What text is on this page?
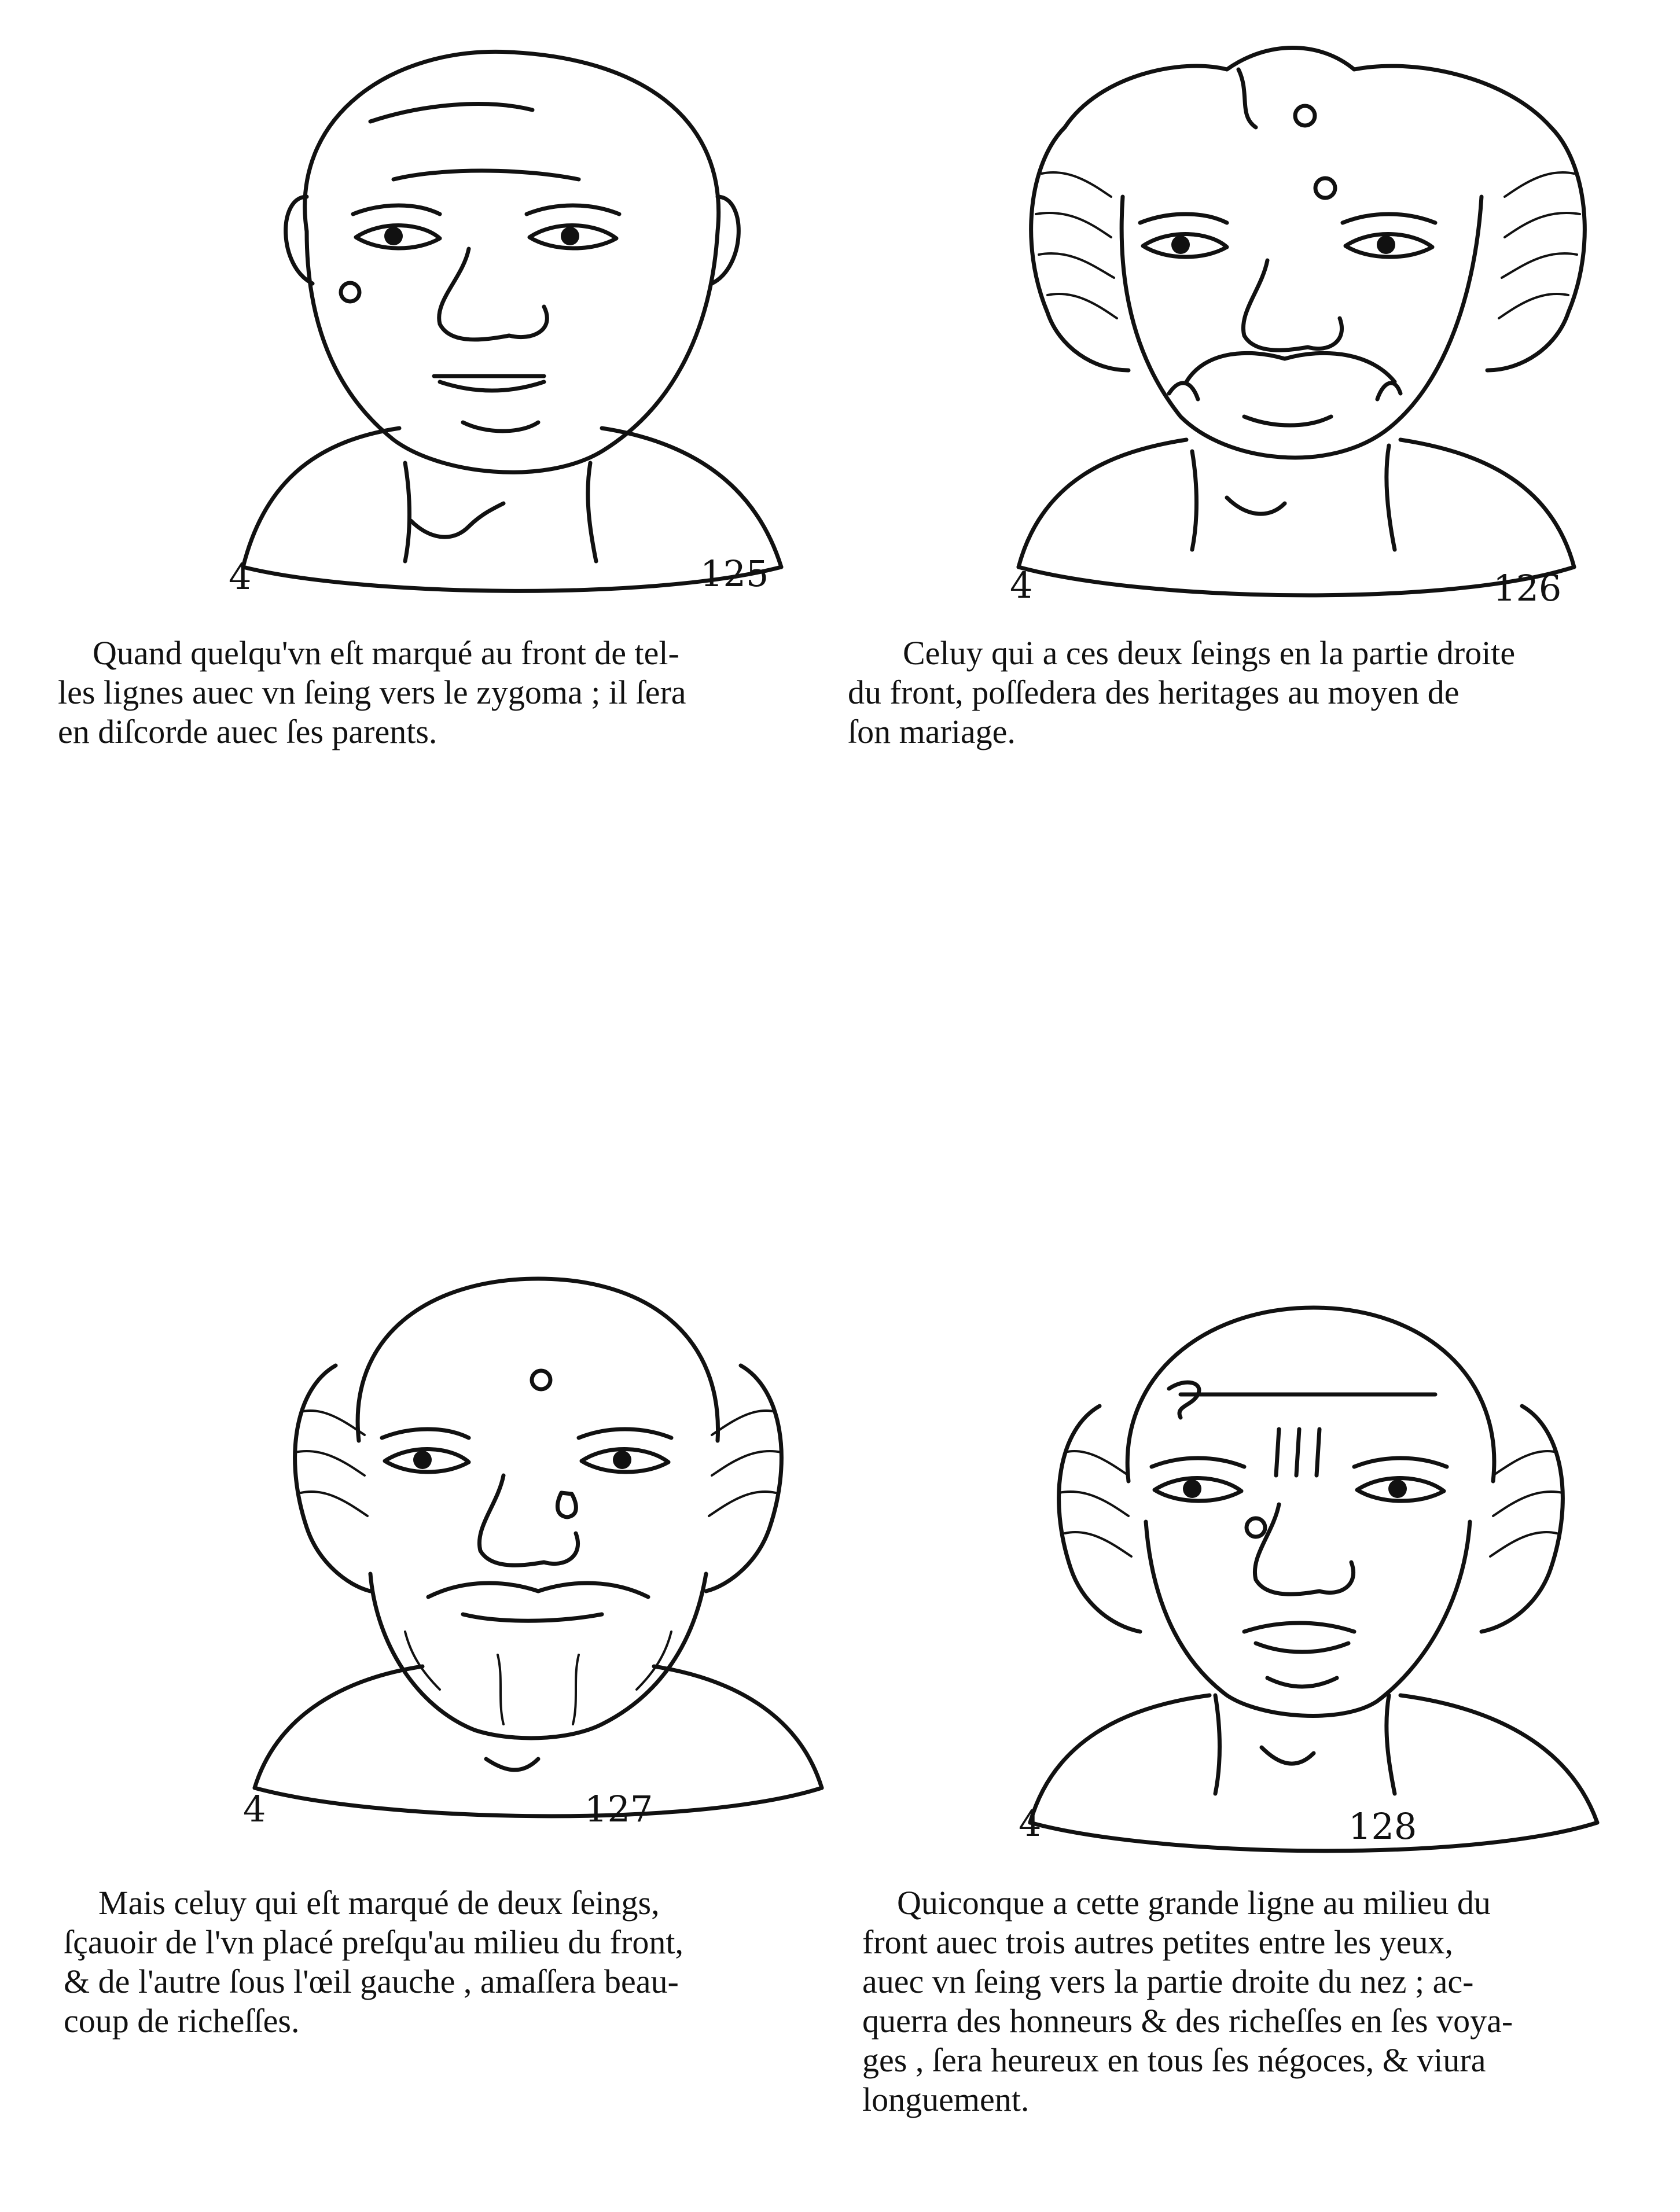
4	125	4	126
4	127	4	128
Quand quelqu'vn eſt marqué au front de tel-
les lignes auec vn ſeing vers le zygoma ; il ſera
en diſcorde auec ſes parents.
Celuy qui a ces deux ſeings en la partie droite
du front, poſſedera des heritages au moyen de
ſon mariage.
Mais celuy qui eſt marqué de deux ſeings,
ſçauoir de l'vn placé preſqu'au milieu du front,
& de l'autre ſous l'œil gauche , amaſſera beau-
coup de richeſſes.
Quiconque a cette grande ligne au milieu du
front auec trois autres petites entre les yeux,
auec vn ſeing vers la partie droite du nez ; ac-
querra des honneurs & des richeſſes en ſes voya-
ges , ſera heureux en tous ſes négoces, & viura
longuement.
